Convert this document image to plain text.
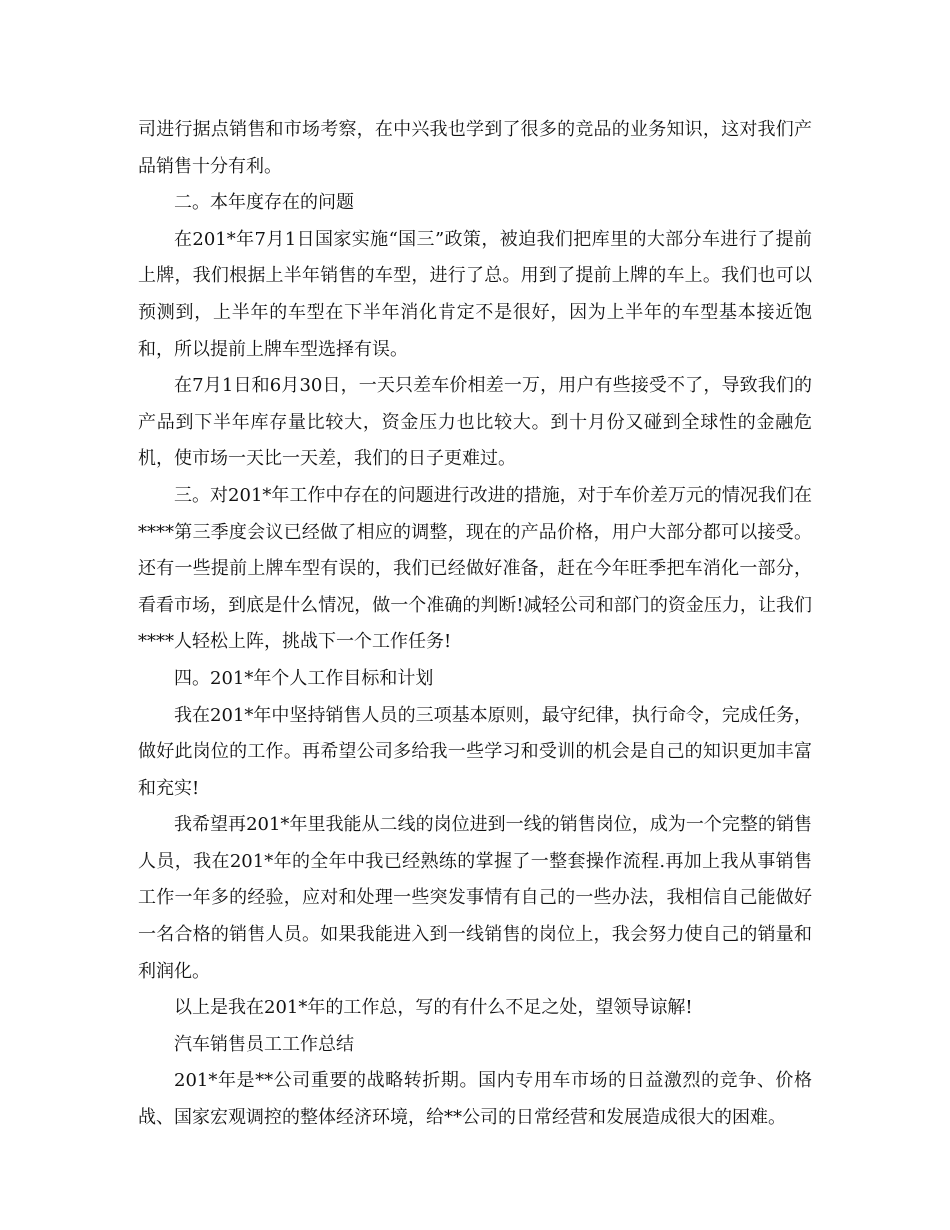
司进行据点销售和市场考察，在中兴我也学到了很多的竞品的业务知识，这对我们产品销售十分有利。

二。本年度存在的问题

在201*年7月1日国家实施“国三”政策，被迫我们把库里的大部分车进行了提前上牌，我们根据上半年销售的车型，进行了总。用到了提前上牌的车上。我们也可以预测到，上半年的车型在下半年消化肯定不是很好，因为上半年的车型基本接近饱和，所以提前上牌车型选择有误。

在7月1日和6月30日，一天只差车价相差一万，用户有些接受不了，导致我们的产品到下半年库存量比较大，资金压力也比较大。到十月份又碰到全球性的金融危机，使市场一天比一天差，我们的日子更难过。

三。对201*年工作中存在的问题进行改进的措施，对于车价差万元的情况我们在****第三季度会议已经做了相应的调整，现在的产品价格，用户大部分都可以接受。还有一些提前上牌车型有误的，我们已经做好准备，赶在今年旺季把车消化一部分，看看市场，到底是什么情况，做一个准确的判断!减轻公司和部门的资金压力，让我们****人轻松上阵，挑战下一个工作任务!

四。201*年个人工作目标和计划

我在201*年中坚持销售人员的三项基本原则，最守纪律，执行命令，完成任务，做好此岗位的工作。再希望公司多给我一些学习和受训的机会是自己的知识更加丰富和充实!

我希望再201*年里我能从二线的岗位进到一线的销售岗位，成为一个完整的销售人员，我在201*年的全年中我已经熟练的掌握了一整套操作流程.再加上我从事销售工作一年多的经验，应对和处理一些突发事情有自己的一些办法，我相信自己能做好一名合格的销售人员。如果我能进入到一线销售的岗位上，我会努力使自己的销量和利润化。

以上是我在201*年的工作总，写的有什么不足之处，望领导谅解!

汽车销售员工工作总结

201*年是**公司重要的战略转折期。国内专用车市场的日益激烈的竞争、价格战、国家宏观调控的整体经济环境，给**公司的日常经营和发展造成很大的困难。
